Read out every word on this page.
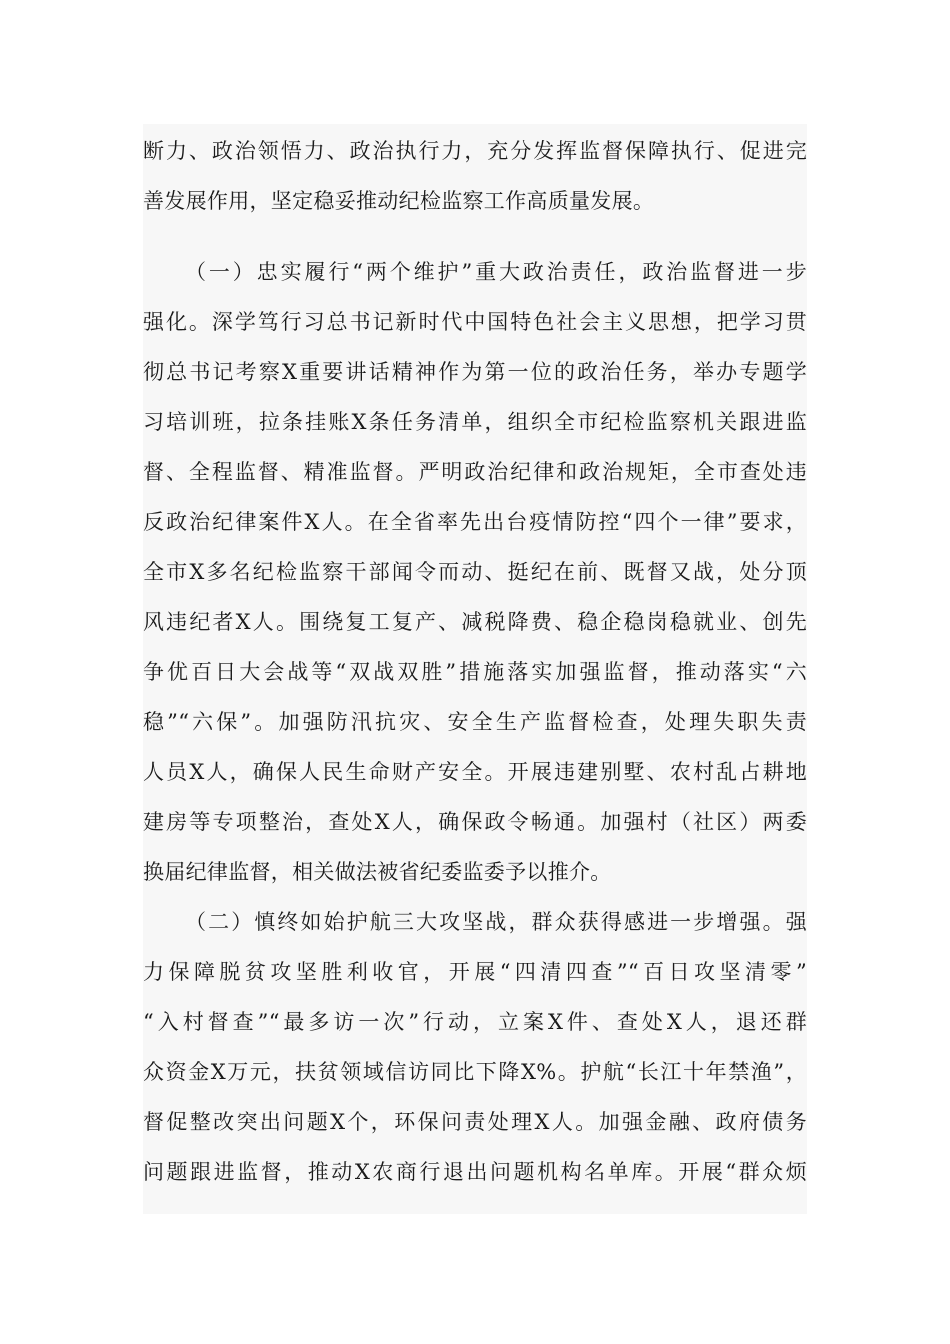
断力、政治领悟力、政治执行力，充分发挥监督保障执行、促进完
善发展作用，坚定稳妥推动纪检监察工作高质量发展。
（一）忠实履行“两个维护”重大政治责任，政治监督进一步
强化。深学笃行习总书记新时代中国特色社会主义思想，把学习贯
彻总书记考察X重要讲话精神作为第一位的政治任务，举办专题学
习培训班，拉条挂账X条任务清单，组织全市纪检监察机关跟进监
督、全程监督、精准监督。严明政治纪律和政治规矩，全市查处违
反政治纪律案件X人。在全省率先出台疫情防控“四个一律”要求，
全市X多名纪检监察干部闻令而动、挺纪在前、既督又战，处分顶
风违纪者X人。围绕复工复产、减税降费、稳企稳岗稳就业、创先
争优百日大会战等“双战双胜”措施落实加强监督，推动落实“六
稳”“六保”。加强防汛抗灾、安全生产监督检查，处理失职失责
人员X人，确保人民生命财产安全。开展违建别墅、农村乱占耕地
建房等专项整治，查处X人，确保政令畅通。加强村（社区）两委
换届纪律监督，相关做法被省纪委监委予以推介。
（二）慎终如始护航三大攻坚战，群众获得感进一步增强。强
力保障脱贫攻坚胜利收官，开展“四清四查”“百日攻坚清零”
“入村督查”“最多访一次”行动，立案X件、查处X人，退还群
众资金X万元，扶贫领域信访同比下降X%。护航“长江十年禁渔”，
督促整改突出问题X个，环保问责处理X人。加强金融、政府债务
问题跟进监督，推动X农商行退出问题机构名单库。开展“群众烦
